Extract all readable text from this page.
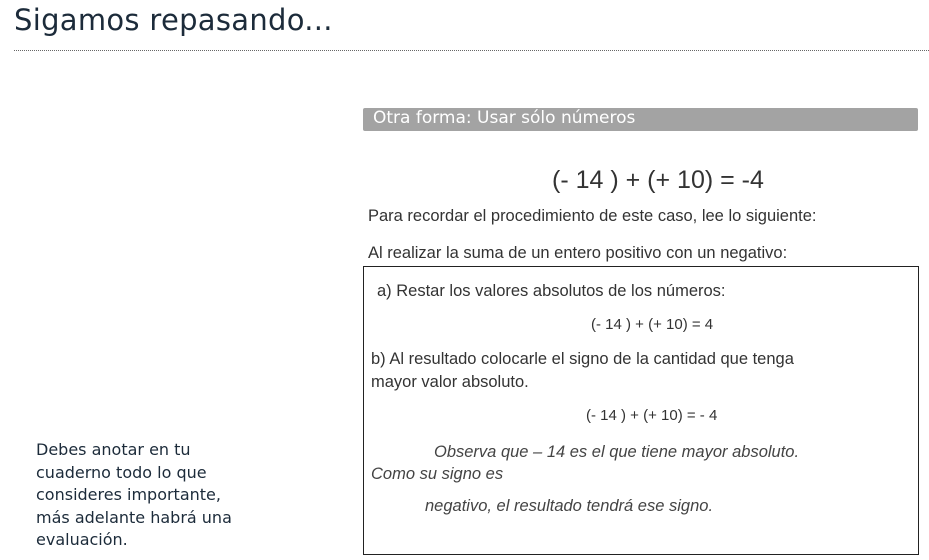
Sigamos repasando...
Otra forma: Usar sólo números
(- 14 ) + (+ 10) = -4
Para recordar el procedimiento de este caso, lee lo siguiente:
Al realizar la suma de un entero positivo con un negativo:
a) Restar los valores absolutos de los números:
(- 14 ) + (+ 10) = 4
b) Al resultado colocarle el signo de la cantidad que tenga
mayor valor absoluto.
(- 14 ) + (+ 10) = - 4
Observa que – 14 es el que tiene mayor absoluto.
Como su signo es
negativo, el resultado tendrá ese signo.
Debes anotar en tu
cuaderno todo lo que
consideres importante,
más adelante habrá una
evaluación.
